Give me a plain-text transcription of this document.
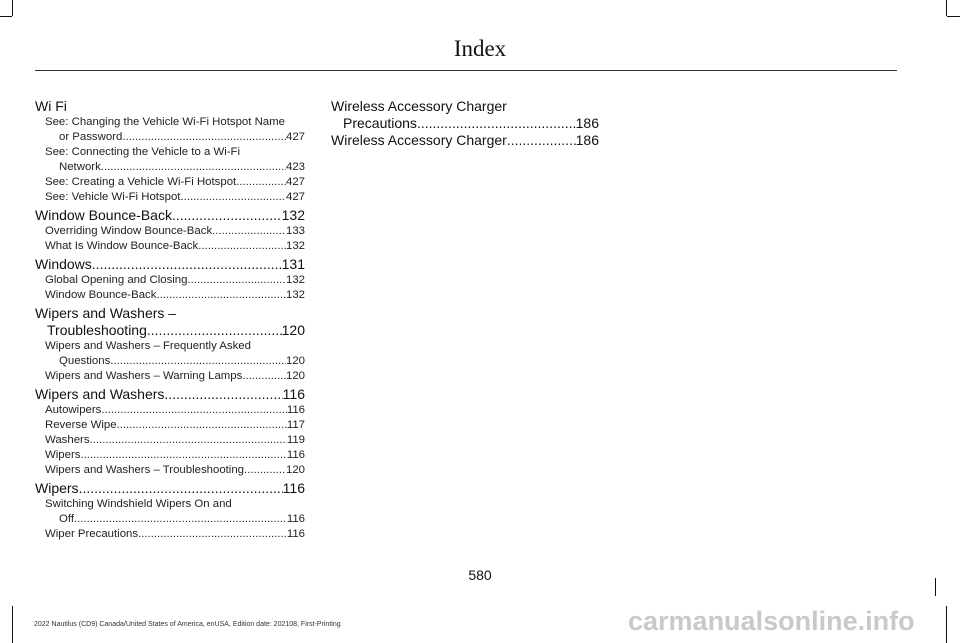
Index
Wi Fi
See: Changing the Vehicle Wi-Fi Hotspot Name
or Password .....	427
See: Connecting the Vehicle to a Wi-Fi
Network .....	423
See: Creating a Vehicle Wi-Fi Hotspot .....	427
See: Vehicle Wi-Fi Hotspot .....	427
Window Bounce-Back .....	132
Overriding Window Bounce-Back .....	133
What Is Window Bounce-Back .....	132
Windows .....	131
Global Opening and Closing .....	132
Window Bounce-Back .....	132
Wipers and Washers –
Troubleshooting .....	120
Wipers and Washers – Frequently Asked
Questions .....	120
Wipers and Washers – Warning Lamps .....	120
Wipers and Washers .....	116
Autowipers .....	116
Reverse Wipe .....	117
Washers .....	119
Wipers .....	116
Wipers and Washers – Troubleshooting .....	120
Wipers .....	116
Switching Windshield Wipers On and
Off .....	116
Wiper Precautions .....	116
Wireless Accessory Charger
Precautions .....	186
Wireless Accessory Charger .....	186
580
2022 Nautilus (CD9) Canada/United States of America, enUSA, Edition date: 202108, First-Printing	carmanualsonline.info
